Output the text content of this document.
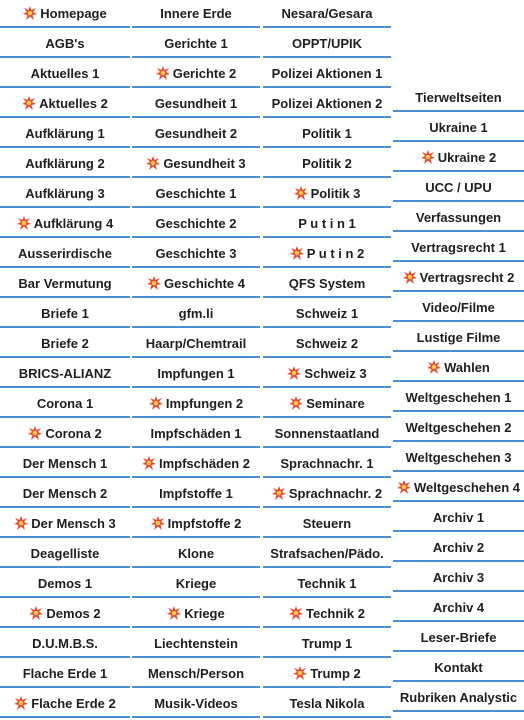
Homepage
AGB's
Aktuelles 1
Aktuelles 2
Aufklärung 1
Aufklärung 2
Aufklärung 3
Aufklärung 4
Ausserirdische
Bar Vermutung
Briefe 1
Briefe 2
BRICS-ALIANZ
Corona 1
Corona 2
Der Mensch 1
Der Mensch 2
Der Mensch 3
Deagelliste
Demos 1
Demos 2
D.U.M.B.S.
Flache Erde 1
Flache Erde 2
Innere Erde
Gerichte 1
Gerichte 2
Gesundheit 1
Gesundheit 2
Gesundheit 3
Geschichte 1
Geschichte 2
Geschichte 3
Geschichte 4
gfm.li
Haarp/Chemtrail
Impfungen 1
Impfungen 2
Impfschäden 1
Impfschäden 2
Impfstoffe 1
Impfstoffe 2
Klone
Kriege
Kriege
Liechtenstein
Mensch/Person
Musik-Videos
Nesara/Gesara
OPPT/UPIK
Polizei Aktionen 1
Polizei Aktionen 2
Politik 1
Politik 2
Politik 3
P u t i n 1
P u t i n 2
QFS System
Schweiz 1
Schweiz 2
Schweiz 3
Seminare
Sonnenstaatland
Sprachnachr. 1
Sprachnachr. 2
Steuern
Strafsachen/Pädo.
Technik 1
Technik 2
Trump 1
Trump 2
Tesla Nikola
Tierweltseiten
Ukraine 1
Ukraine 2
UCC / UPU
Verfassungen
Vertragsrecht 1
Vertragsrecht 2
Video/Filme
Lustige Filme
Wahlen
Weltgeschehen 1
Weltgeschehen 2
Weltgeschehen 3
Weltgeschehen 4
Archiv 1
Archiv 2
Archiv 3
Archiv 4
Leser-Briefe
Kontakt
Rubriken Analystic
